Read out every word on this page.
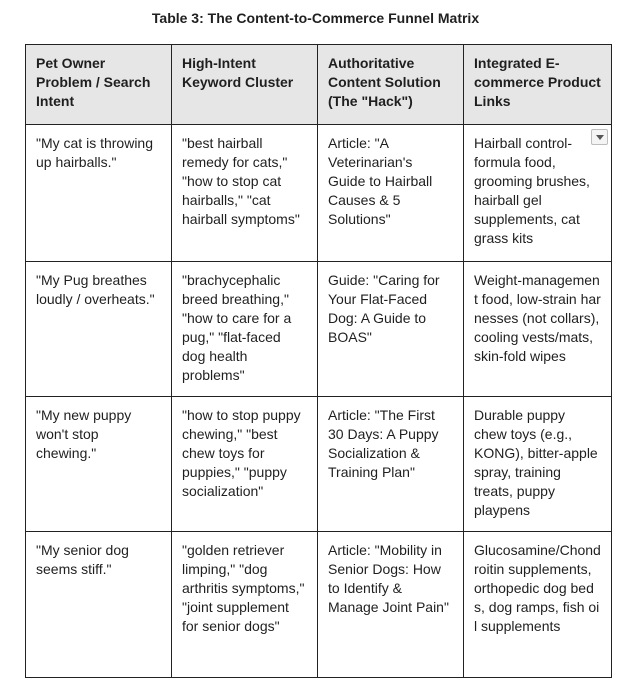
Table 3: The Content-to-Commerce Funnel Matrix
Pet Owner Problem / Search Intent	High-Intent Keyword Cluster	Authoritative Content Solution (The "Hack")	Integrated E-commerce Product Links
"My cat is throwing up hairballs."	"best hairball remedy for cats," "how to stop cat hairballs," "cat hairball symptoms"	Article: "A Veterinarian's Guide to Hairball Causes & 5 Solutions"	Hairball control-formula food, grooming brushes, hairball gel supplements, cat grass kits

"My Pug breathes loudly / overheats."	"brachycephalic breed breathing," "how to care for a pug," "flat-faced dog health problems"	Guide: "Caring for Your Flat-Faced Dog: A Guide to BOAS"	Weight-management food, low-strain harnesses (not collars), cooling vests/mats, skin-fold wipes
"My new puppy won't stop chewing."	"how to stop puppy chewing," "best chew toys for puppies," "puppy socialization"	Article: "The First 30 Days: A Puppy Socialization & Training Plan"	Durable puppy chew toys (e.g., KONG), bitter-apple spray, training treats, puppy playpens
"My senior dog seems stiff."	"golden retriever limping," "dog arthritis symptoms," "joint supplement for senior dogs"	Article: "Mobility in Senior Dogs: How to Identify & Manage Joint Pain"	Glucosamine/Chondroitin supplements, orthopedic dog beds, dog ramps, fish oil supplements
